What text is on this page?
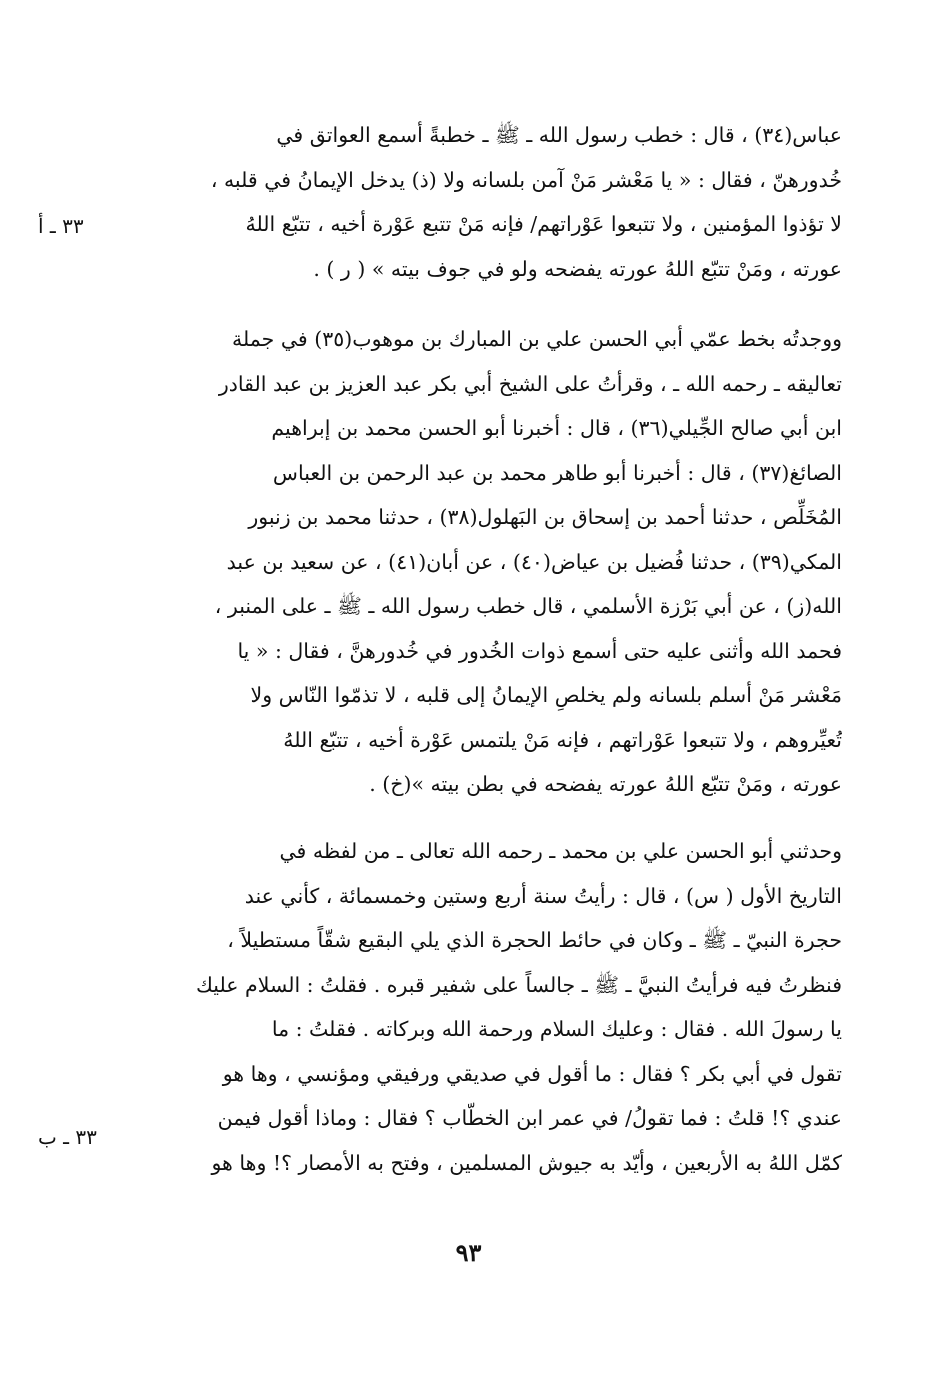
عباس(٣٤) ، قال : خطب رسول الله ـ ﷺ ـ خطبةً أسمع العواتق في
خُدورهنّ ، فقال : « يا مَعْشر مَنْ آمن بلسانه ولا (ذ) يدخل الإيمانُ في قلبه ،
لا تؤذوا المؤمنين ، ولا تتبعوا عَوْراتهم/ فإنه مَنْ تتبع عَوْرة أخيه ، تتبّع اللهُ
عورته ، ومَنْ تتبّع اللهُ عورته يفضحه ولو في جوف بيته » ( ر ) .
ووجدتُه بخط عمّي أبي الحسن علي بن المبارك بن موهوب(٣٥) في جملة
تعاليقه ـ رحمه الله ـ ، وقرأتُ على الشيخ أبي بكر عبد العزيز بن عبد القادر
ابن أبي صالح الجِّيلي(٣٦) ، قال : أخبرنا أبو الحسن محمد بن إبراهيم
الصائغ(٣٧) ، قال : أخبرنا أبو طاهر محمد بن عبد الرحمن بن العباس
المُخَلِّص ، حدثنا أحمد بن إسحاق بن البَهلول(٣٨) ، حدثنا محمد بن زنبور
المكي(٣٩) ، حدثنا فُضيل بن عياض(٤٠) ، عن أبان(٤١) ، عن سعيد بن عبد
الله(ز) ، عن أبي بَرْزة الأسلمي ، قال خطب رسول الله ـ ﷺ ـ على المنبر ،
فحمد الله وأثنى عليه حتى أسمع ذوات الخُدور في خُدورهنَّ ، فقال : « يا
مَعْشر مَنْ أسلم بلسانه ولم يخلصِ الإيمانُ إلى قلبه ، لا تذمّوا النّاس ولا
تُعيِّروهم ، ولا تتبعوا عَوْراتهم ، فإنه مَنْ يلتمس عَوْرة أخيه ، تتبّع اللهُ
عورته ، ومَنْ تتبّع اللهُ عورته يفضحه في بطن بيته »(خ) .
وحدثني أبو الحسن علي بن محمد ـ رحمه الله تعالى ـ من لفظه في
التاريخ الأول ( س) ، قال : رأيتُ سنة أربع وستين وخمسمائة ، كأني عند
حجرة النبيّ ـ ﷺ ـ وكان في حائط الحجرة الذي يلي البقيع شقّاً مستطيلاً ،
فنظرتُ فيه فرأيتُ النبيَّ ـ ﷺ ـ جالساً على شفير قبره . فقلتُ : السلام عليك
يا رسولَ الله . فقال : وعليك السلام ورحمة الله وبركاته . فقلتُ : ما
تقول في أبي بكر ؟ فقال : ما أقول في صديقي ورفيقي ومؤنسي ، وها هو
عندي ؟! قلتُ : فما تقولُ/ في عمر ابن الخطّاب ؟ فقال : وماذا أقول فيمن
كمّل اللهُ به الأربعين ، وأيّد به جيوش المسلمين ، وفتح به الأمصار ؟! وها هو
٣٣ ـ أ
٣٣ ـ ب
٩٣
